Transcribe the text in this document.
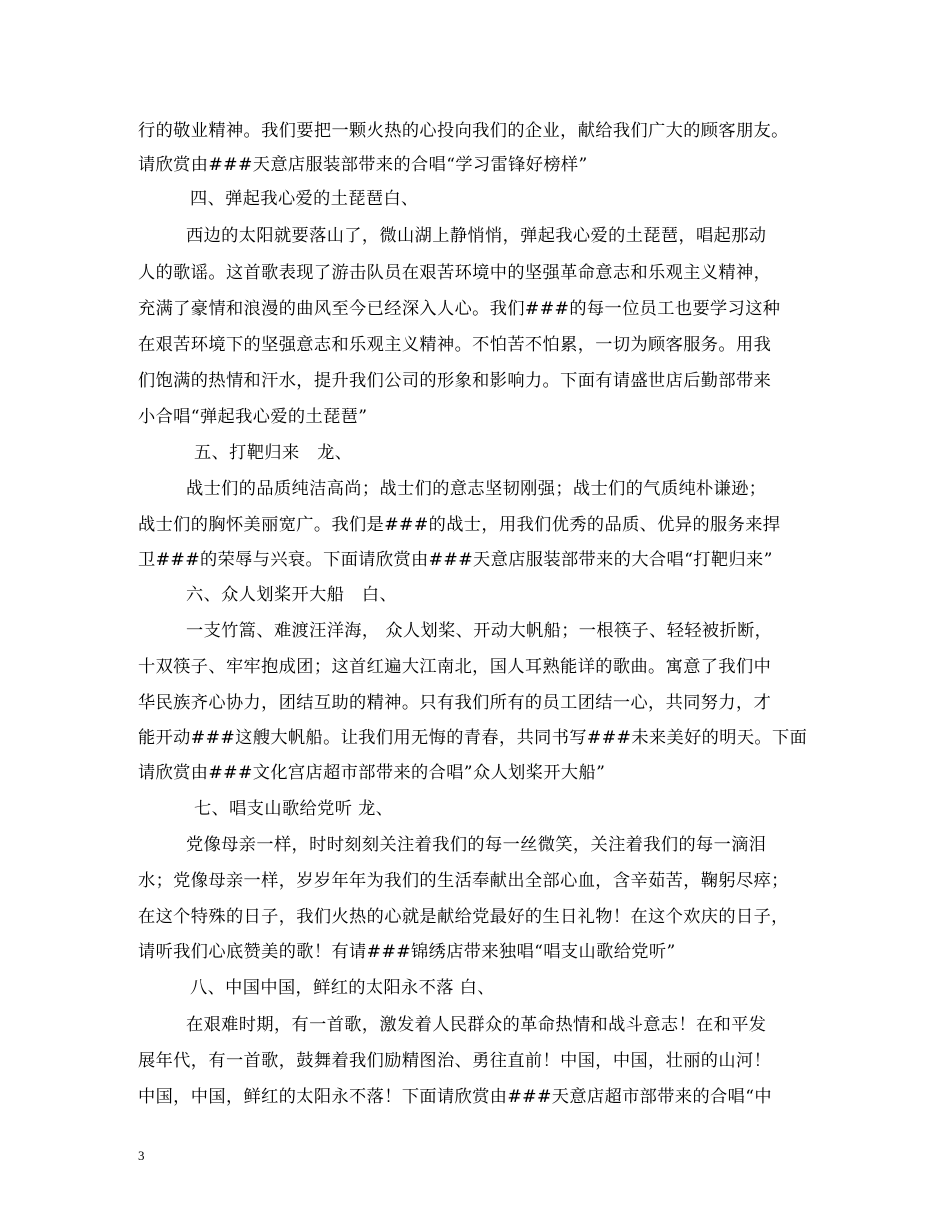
行的敬业精神。我们要把一颗火热的心投向我们的企业，献给我们广大的顾客朋友。
请欣赏由###天意店服装部带来的合唱“学习雷锋好榜样”
四、弹起我心爱的土琵琶白、
西边的太阳就要落山了，微山湖上静悄悄，弹起我心爱的土琵琶，唱起那动
人的歌谣。这首歌表现了游击队员在艰苦环境中的坚强革命意志和乐观主义精神，
充满了豪情和浪漫的曲风至今已经深入人心。我们###的每一位员工也要学习这种
在艰苦环境下的坚强意志和乐观主义精神。不怕苦不怕累，一切为顾客服务。用我
们饱满的热情和汗水，提升我们公司的形象和影响力。下面有请盛世店后勤部带来
小合唱“弹起我心爱的土琵琶”
五、打靶归来　龙、
战士们的品质纯洁高尚；战士们的意志坚韧刚强；战士们的气质纯朴谦逊；
战士们的胸怀美丽宽广。我们是###的战士，用我们优秀的品质、优异的服务来捍
卫###的荣辱与兴衰。下面请欣赏由###天意店服装部带来的大合唱“打靶归来”
六、众人划桨开大船　白、
一支竹篙、难渡汪洋海， 众人划桨、开动大帆船；一根筷子、轻轻被折断，
十双筷子、牢牢抱成团；这首红遍大江南北，国人耳熟能详的歌曲。寓意了我们中
华民族齐心协力，团结互助的精神。只有我们所有的员工团结一心，共同努力，才
能开动###这艘大帆船。让我们用无悔的青春，共同书写###未来美好的明天。下面
请欣赏由###文化宫店超市部带来的合唱”众人划桨开大船”
七、唱支山歌给党听 龙、
党像母亲一样，时时刻刻关注着我们的每一丝微笑，关注着我们的每一滴泪
水；党像母亲一样，岁岁年年为我们的生活奉献出全部心血，含辛茹苦，鞠躬尽瘁；
在这个特殊的日子，我们火热的心就是献给党最好的生日礼物！在这个欢庆的日子，
请听我们心底赞美的歌！有请###锦绣店带来独唱“唱支山歌给党听”
八、中国中国，鲜红的太阳永不落 白、
在艰难时期，有一首歌，激发着人民群众的革命热情和战斗意志！在和平发
展年代，有一首歌，鼓舞着我们励精图治、勇往直前！中国，中国，壮丽的山河！
中国，中国，鲜红的太阳永不落！下面请欣赏由###天意店超市部带来的合唱“中
3
